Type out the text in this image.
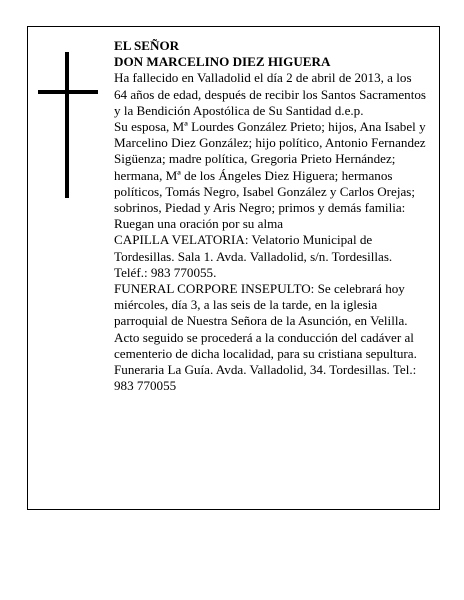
EL SEÑOR

DON MARCELINO DIEZ HIGUERA

Ha fallecido en Valladolid el día 2 de abril de 2013, a los 64 años de edad, después de recibir los Santos Sacramentos y la Bendición Apostólica de Su Santidad d.e.p.

Su esposa, Mª Lourdes González Prieto; hijos, Ana Isabel y Marcelino Diez González; hijo político, Antonio Fernandez Sigüenza; madre política, Gregoria Prieto Hernández; hermana, Mª de los Ángeles Diez Higuera; hermanos políticos, Tomás Negro, Isabel González y Carlos Orejas; sobrinos, Piedad y Aris Negro; primos y demás familia:

Ruegan una oración por su alma

CAPILLA VELATORIA: Velatorio Municipal de Tordesillas. Sala 1. Avda. Valladolid, s/n. Tordesillas. Teléf.: 983 770055.

FUNERAL CORPORE INSEPULTO: Se celebrará hoy miércoles, día 3, a las seis de la tarde, en la iglesia parroquial de Nuestra Señora de la Asunción, en Velilla. Acto seguido se procederá a la conducción del cadáver al cementerio de dicha localidad, para su cristiana sepultura.

Funeraria La Guía. Avda. Valladolid, 34. Tordesillas. Tel.: 983 770055
